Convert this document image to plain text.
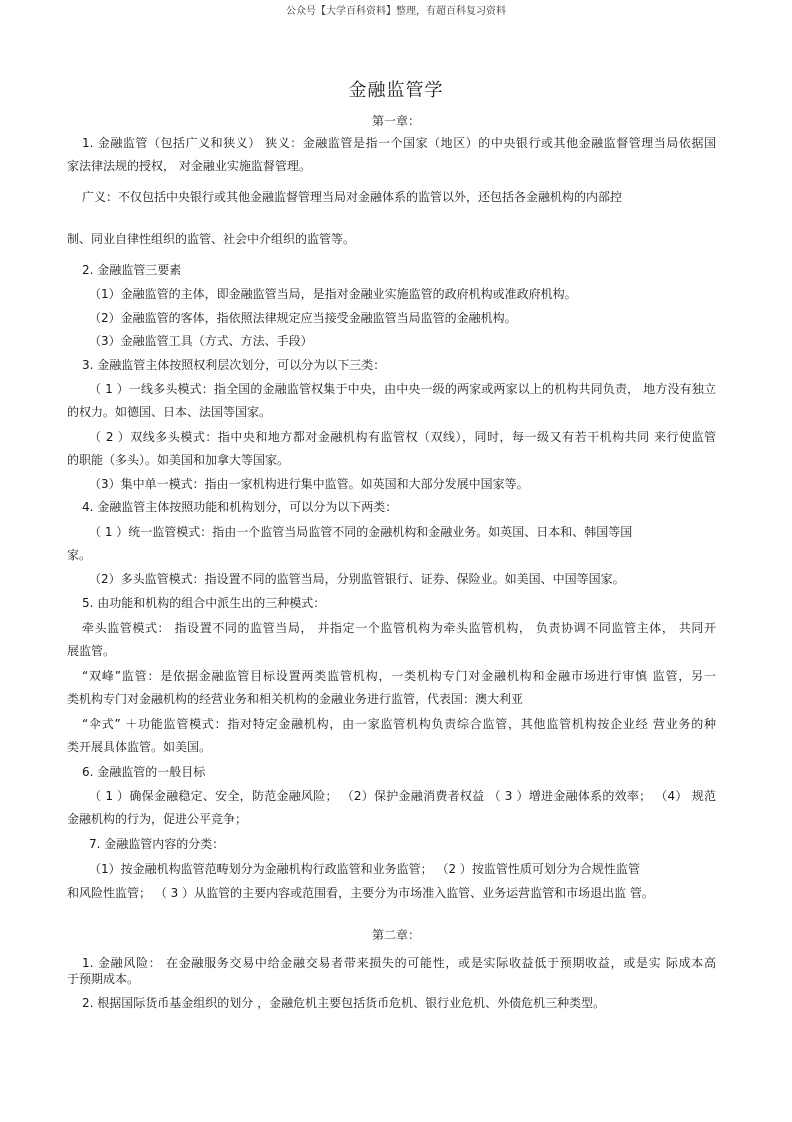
公众号【大学百科资料】整理，有超百科复习资料
金融监管学
第一章：
1. 金融监管（包括广义和狭义） 狭义：金融监管是指一个国家（地区）的中央银行或其他金融监督管理当局依据国
家法律法规的授权， 对金融业实施监督管理。
广义：不仅包括中央银行或其他金融监督管理当局对金融体系的监管以外，还包括各金融机构的内部控
制、同业自律性组织的监管、社会中介组织的监管等。
2. 金融监管三要素
（1）金融监管的主体，即金融监管当局，是指对金融业实施监管的政府机构或准政府机构。
（2）金融监管的客体，指依照法律规定应当接受金融监管当局监管的金融机构。
（3）金融监管工具（方式、方法、手段）
3. 金融监管主体按照权利层次划分，可以分为以下三类：
（ 1 ）一线多头模式：指全国的金融监管权集于中央，由中央一级的两家或两家以上的机构共同负责， 地方没有独立
的权力。如德国、日本、法国等国家。
（ 2 ）双线多头模式：指中央和地方都对金融机构有监管权（双线），同时，每一级又有若干机构共同 来行使监管
的职能（多头）。如美国和加拿大等国家。
（3）集中单一模式：指由一家机构进行集中监管。如英国和大部分发展中国家等。
4. 金融监管主体按照功能和机构划分，可以分为以下两类：
（ 1 ）统一监管模式：指由一个监管当局监管不同的金融机构和金融业务。如英国、日本和、韩国等国
家。
（2）多头监管模式：指设置不同的监管当局，分别监管银行、证券、保险业。如美国、中国等国家。
5. 由功能和机构的组合中派生出的三种模式：
牵头监管模式： 指设置不同的监管当局， 并指定一个监管机构为牵头监管机构， 负责协调不同监管主体， 共同开
展监管。
“双峰”监管：是依据金融监管目标设置两类监管机构，一类机构专门对金融机构和金融市场进行审慎 监管，另一
类机构专门对金融机构的经营业务和相关机构的金融业务进行监管，代表国：澳大利亚
“伞式” ＋功能监管模式：指对特定金融机构，由一家监管机构负责综合监管，其他监管机构按企业经 营业务的种
类开展具体监管。如美国。
6. 金融监管的一般目标
（ 1 ）确保金融稳定、安全，防范金融风险； （2）保护金融消费者权益 （ 3 ）增进金融体系的效率； （4） 规范
金融机构的行为，促进公平竞争；
7. 金融监管内容的分类：
（1）按金融机构监管范畴划分为金融机构行政监管和业务监管； （2 ）按监管性质可划分为合规性监管
和风险性监管； （ 3 ）从监管的主要内容或范围看，主要分为市场准入监管、业务运营监管和市场退出监 管。
第二章：
1. 金融风险： 在金融服务交易中给金融交易者带来损失的可能性，或是实际收益低于预期收益，或是实 际成本高
于预期成本。
2. 根据国际货币基金组织的划分 ，金融危机主要包括货币危机、银行业危机、外债危机三种类型。
